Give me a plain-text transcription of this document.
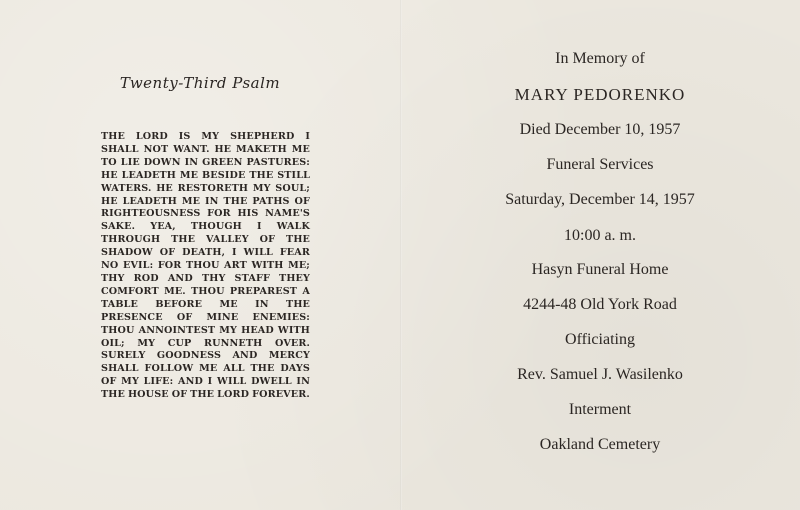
Twenty-Third Psalm

THE LORD IS MY SHEPHERD I SHALL NOT WANT. HE MAKETH ME TO LIE DOWN IN GREEN PASTURES: HE LEADETH ME BESIDE THE STILL WATERS. HE RESTORETH MY SOUL; HE LEADETH ME IN THE PATHS OF RIGHTEOUSNESS FOR HIS NAME'S SAKE. YEA, THOUGH I WALK THROUGH THE VALLEY OF THE SHADOW OF DEATH, I WILL FEAR NO EVIL: FOR THOU ART WITH ME; THY ROD AND THY STAFF THEY COMFORT ME. THOU PREPAREST A TABLE BEFORE ME IN THE PRESENCE OF MINE ENEMIES: THOU ANNOINTEST MY HEAD WITH OIL; MY CUP RUNNETH OVER. SURELY GOODNESS AND MERCY SHALL FOLLOW ME ALL THE DAYS OF MY LIFE: AND I WILL DWELL IN THE HOUSE OF THE LORD FOREVER.

In Memory of
MARY PEDORENKO
Died December 10, 1957
Funeral Services
Saturday, December 14, 1957
10:00 a. m.
Hasyn Funeral Home
4244-48 Old York Road
Officiating
Rev. Samuel J. Wasilenko
Interment
Oakland Cemetery
